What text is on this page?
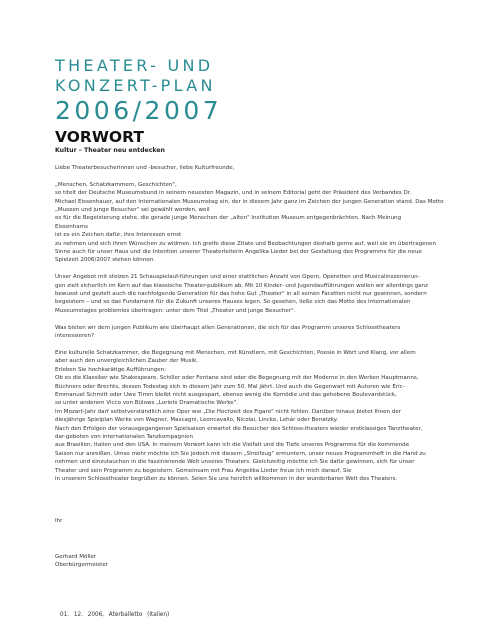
THEATER- UND

KONZERT-PLAN

2006/2007

VORWORT

Kultur – Theater neu entdecken

Liebe Theaterbesucherinnen und -besucher, liebe Kulturfreunde,

„Menschen, Schatzkammern, Geschichten",

so titelt der Deutsche Museumsbund in seinem neuesten Magazin, und in seinem Editorial geht der Präsident des Verbandes Dr.

Michael Eissenhauer, auf den Internationalen Museumstag ein, der in diesem Jahr ganz im Zeichen der jungen Generation stand. Das Motto

„Museen und junge Besucher" sei gewählt worden, weil

es für die Begeisterung stehe, die gerade junge Menschen der „alten" Institution Museum entgegenbrächten. Nach Meinung

Eissenhams

ist es ein Zeichen dafür, ihre Interessen ernst

zu nehmen und sich ihren Wünschen zu widmen. Ich greife diese Zitate und Beobachtungen deshalb gerne auf, weil sie im übertragenen

Sinne auch für unser Haus und die Intention unserer Theaterleiterin Angelika Lieder bei der Gestaltung des Programms für die neue

Spielzeit 2006/2007 stehen können.

Unser Angebot mit stolzen 21 Schauspielauf-führungen und einer stattlichen Anzahl von Opern, Operetten und Musicalinszenierun-

gen zielt sicherlich im Kern auf das klassische Theater-publikum ab. Mit 10 Kinder- und Jugendaufführungen wollen wir allerdings ganz

bewusst und gezielt auch die nachfolgende Generation für das hohe Gut „Theater" in all seinen Facetten nicht nur gewinnen, sondern

begeistern – und so das Fundament für die Zukunft unseres Hauses legen. So gesehen, ließe sich das Motto des Internationalen

Museumstages problemlos übertragen: unter dem Titel „Theater und junge Besucher".

Was bieten wir dem jungen Publikum wie überhaupt allen Generationen, die sich für das Programm unseres Schlosstheaters

interessieren?

Eine kulturelle Schatzkammer, die Begegnung mit Menschen, mit Künstlern, mit Geschichten, Poesie in Wort und Klang, vor allem

aber auch den unvergleichlichen Zauber der Musik.

Erleben Sie hochkarätige Aufführungen:

Ob es die Klassiker wie Shakespeare, Schiller oder Fontane sind oder die Begegnung mit der Moderne in den Werken Hauptmanns,

Büchners oder Brechts, dessen Todestag sich in diesem Jahr zum 50. Mal jährt. Und auch die Gegenwart mit Autoren wie Eric-

Emmanuel Schmitt oder Uwe Timm bleibt nicht ausgespart, ebenso wenig die Komödie und das gehobene Boulevardstück,

so unter anderem Vicco von Bülows „Loriots Dramatische Werke".

Im Mozart-Jahr darf selbstverständlich eine Oper wie „Die Hochzeit des Figaro" nicht fehlen. Darüber hinaus bietet Ihnen der

diesjährige Spielplan Werke von Wagner, Mascagni, Leoncavallo, Nicolai, Lincke, Lehár oder Benatzky.

Nach den Erfolgen der vorausgegangenen Spielsaison erwartet die Besucher des Schloss-theaters wieder erstklassiges Tanztheater,

dar-geboten von internationalen Tanzkompagnien

aus Brasilien, Italien und den USA. In meinem Vorwort kann ich die Vielfalt und die Tiefe unseres Programms für die kommende

Saison nur anreißen. Umso mehr möchte ich Sie jedoch mit diesem „Streifzug" ermuntern, unser neues Programmheft in die Hand zu

nehmen und einzutauchen in die faszinierende Welt unseres Theaters. Gleichzeitig möchte ich Sie dafür gewinnen, sich für unser

Theater und sein Programm zu begeistern. Gemeinsam mit Frau Angelika Lieder freue ich mich darauf, Sie

in unserem Schlosstheater begrüßen zu können. Seien Sie uns herzlich willkommen in der wunderbaren Welt des Theaters.

Ihr

Gerhard Möller

Oberbürgermeister

01. 12. 2006, Aterballetto (Italien)
